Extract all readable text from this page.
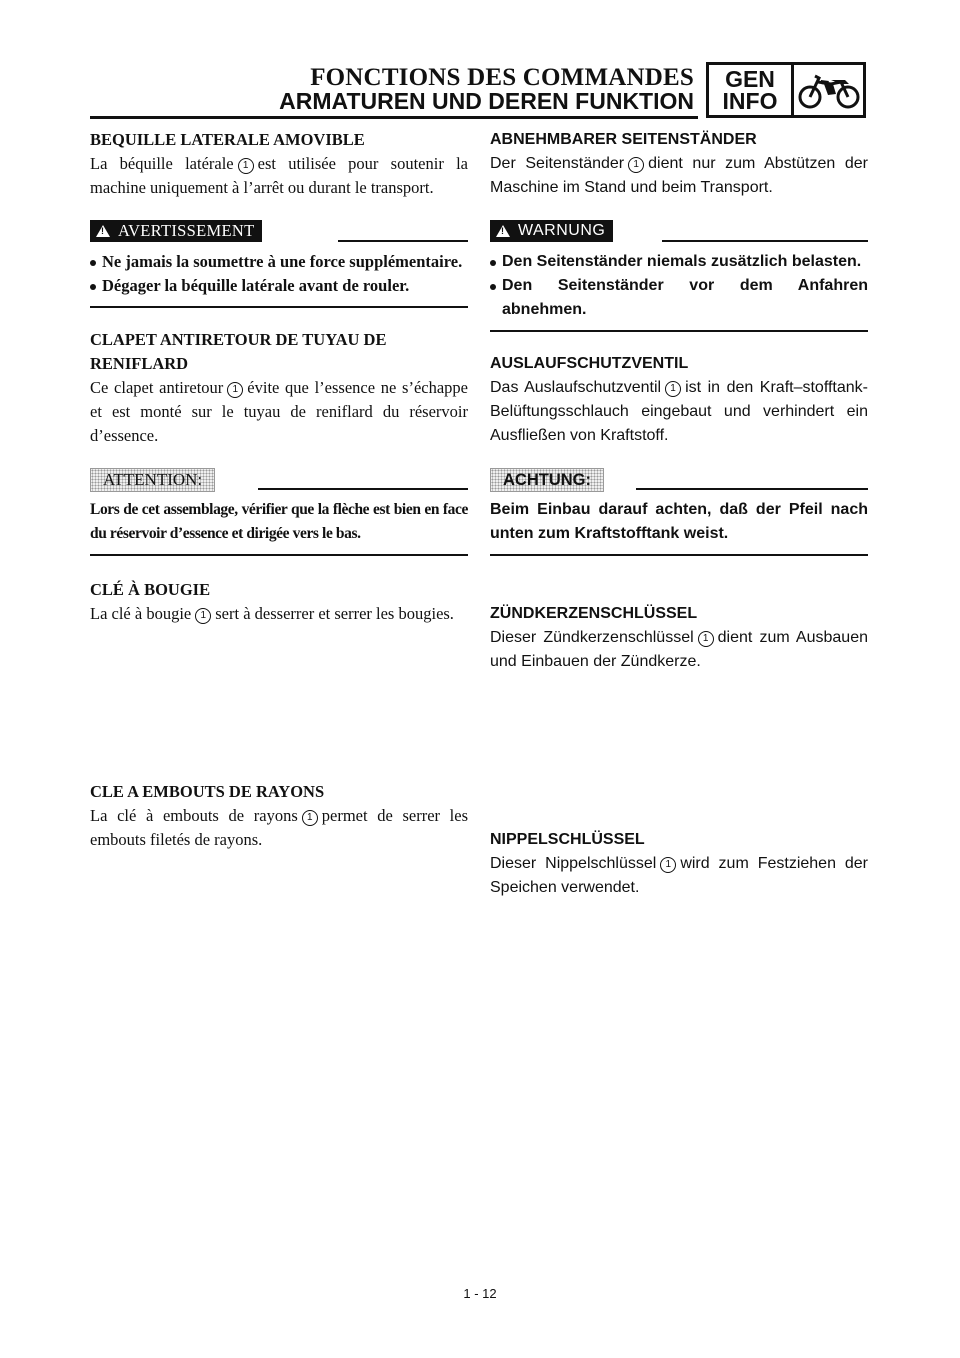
FONCTIONS DES COMMANDES
ARMATUREN UND DEREN FUNKTION
GEN
INFO

BEQUILLE LATERALE AMOVIBLE

La béquille latérale 1 est utilisée pour soutenir la machine uniquement à l’arrêt ou durant le transport.

!
AVERTISSEMENT
Ne jamais la soumettre à une force supplémentaire.
Dégager la béquille latérale avant de rouler.

CLAPET ANTIRETOUR DE TUYAU DE RENIFLARD

Ce clapet antiretour 1 évite que l’essence ne s’échappe et est monté sur le tuyau de reniflard du réservoir d’essence.

ATTENTION:

Lors de cet assemblage, vérifier que la flèche est bien en face du réservoir d’essence et dirigée vers le bas.

CLÉ À BOUGIE

La clé à bougie 1 sert à desserrer et serrer les bougies.

CLE A EMBOUTS DE RAYONS

La clé à embouts de rayons 1 permet de serrer les embouts filetés de rayons.

ABNEHMBARER SEITENSTÄNDER

Der Seitenständer 1 dient nur zum Abstützen der Maschine im Stand und beim Transport.

!
WARNUNG
Den Seitenständer niemals zusätzlich belasten.
Den Seitenständer vor dem Anfahren abnehmen.

AUSLAUFSCHUTZVENTIL

Das Auslaufschutzventil 1 ist in den Kraft–stofftank-Belüftungsschlauch eingebaut und verhindert ein Ausfließen von Kraftstoff.

ACHTUNG:

Beim Einbau darauf achten, daß der Pfeil nach unten zum Kraftstofftank weist.

ZÜNDKERZENSCHLÜSSEL

Dieser Zündkerzenschlüssel 1 dient zum Ausbauen und Einbauen der Zündkerze.

NIPPELSCHLÜSSEL

Dieser Nippelschlüssel 1 wird zum Festziehen der Speichen verwendet.

1 - 12
